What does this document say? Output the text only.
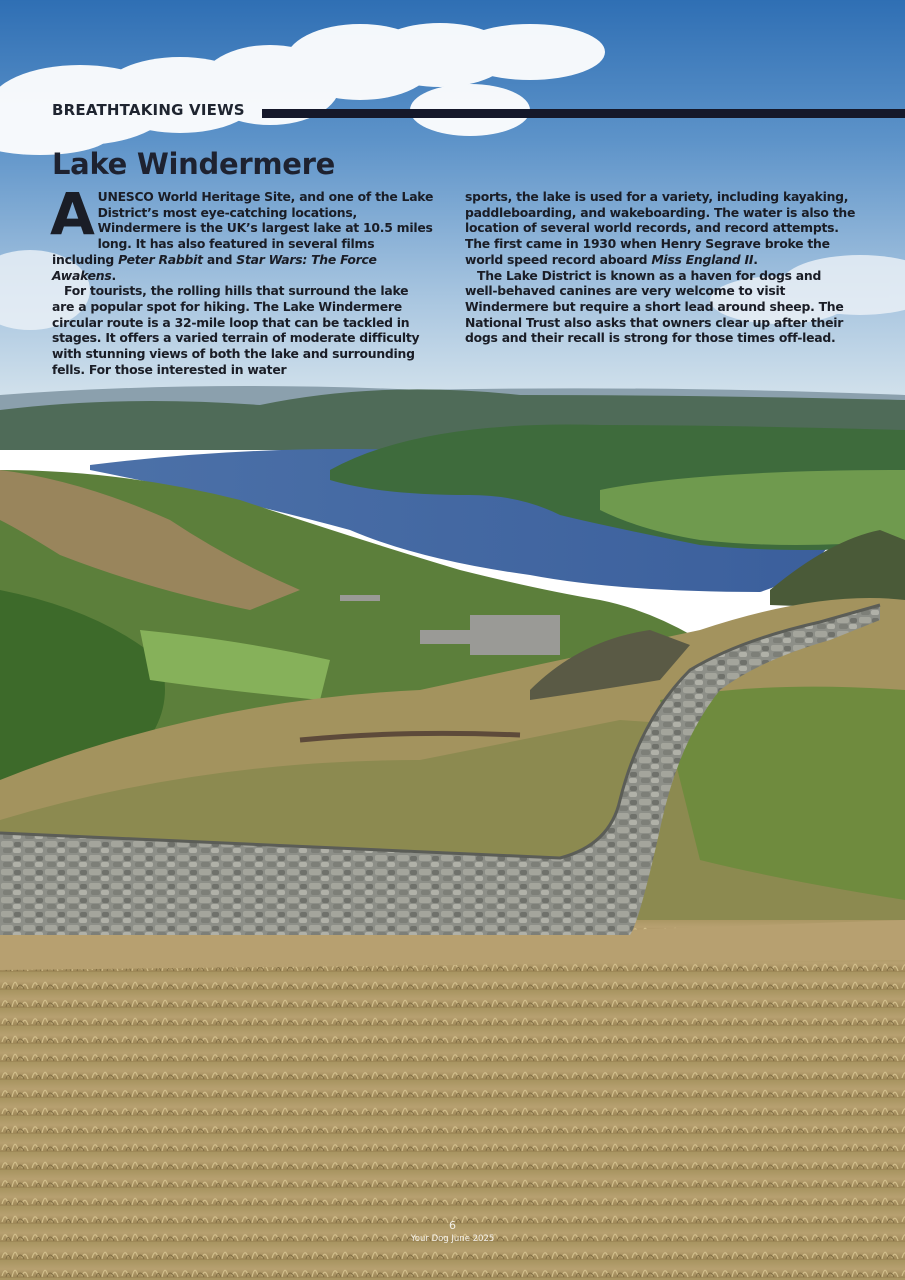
BREATHTAKING VIEWS
Lake Windermere

A UNESCO World Heritage Site, and one of the Lake District’s most eye-catching locations, Windermere is the UK’s largest lake at 10.5 miles long. It has also featured in several films including Peter Rabbit and Star Wars: The Force Awakens.

For tourists, the rolling hills that surround the lake are a popular spot for hiking. The Lake Windermere circular route is a 32-mile loop that can be tackled in stages. It offers a varied terrain of moderate difficulty with stunning views of both the lake and surrounding fells. For those interested in water

sports, the lake is used for a variety, including kayaking, paddleboarding, and wakeboarding. The water is also the location of several world records, and record attempts. The first came in 1930 when Henry Segrave broke the world speed record aboard Miss England II.

The Lake District is known as a haven for dogs and well-behaved canines are very welcome to visit Windermere but require a short lead around sheep. The National Trust also asks that owners clear up after their dogs and their recall is strong for those times off-lead.

6
Your Dog June 2025
